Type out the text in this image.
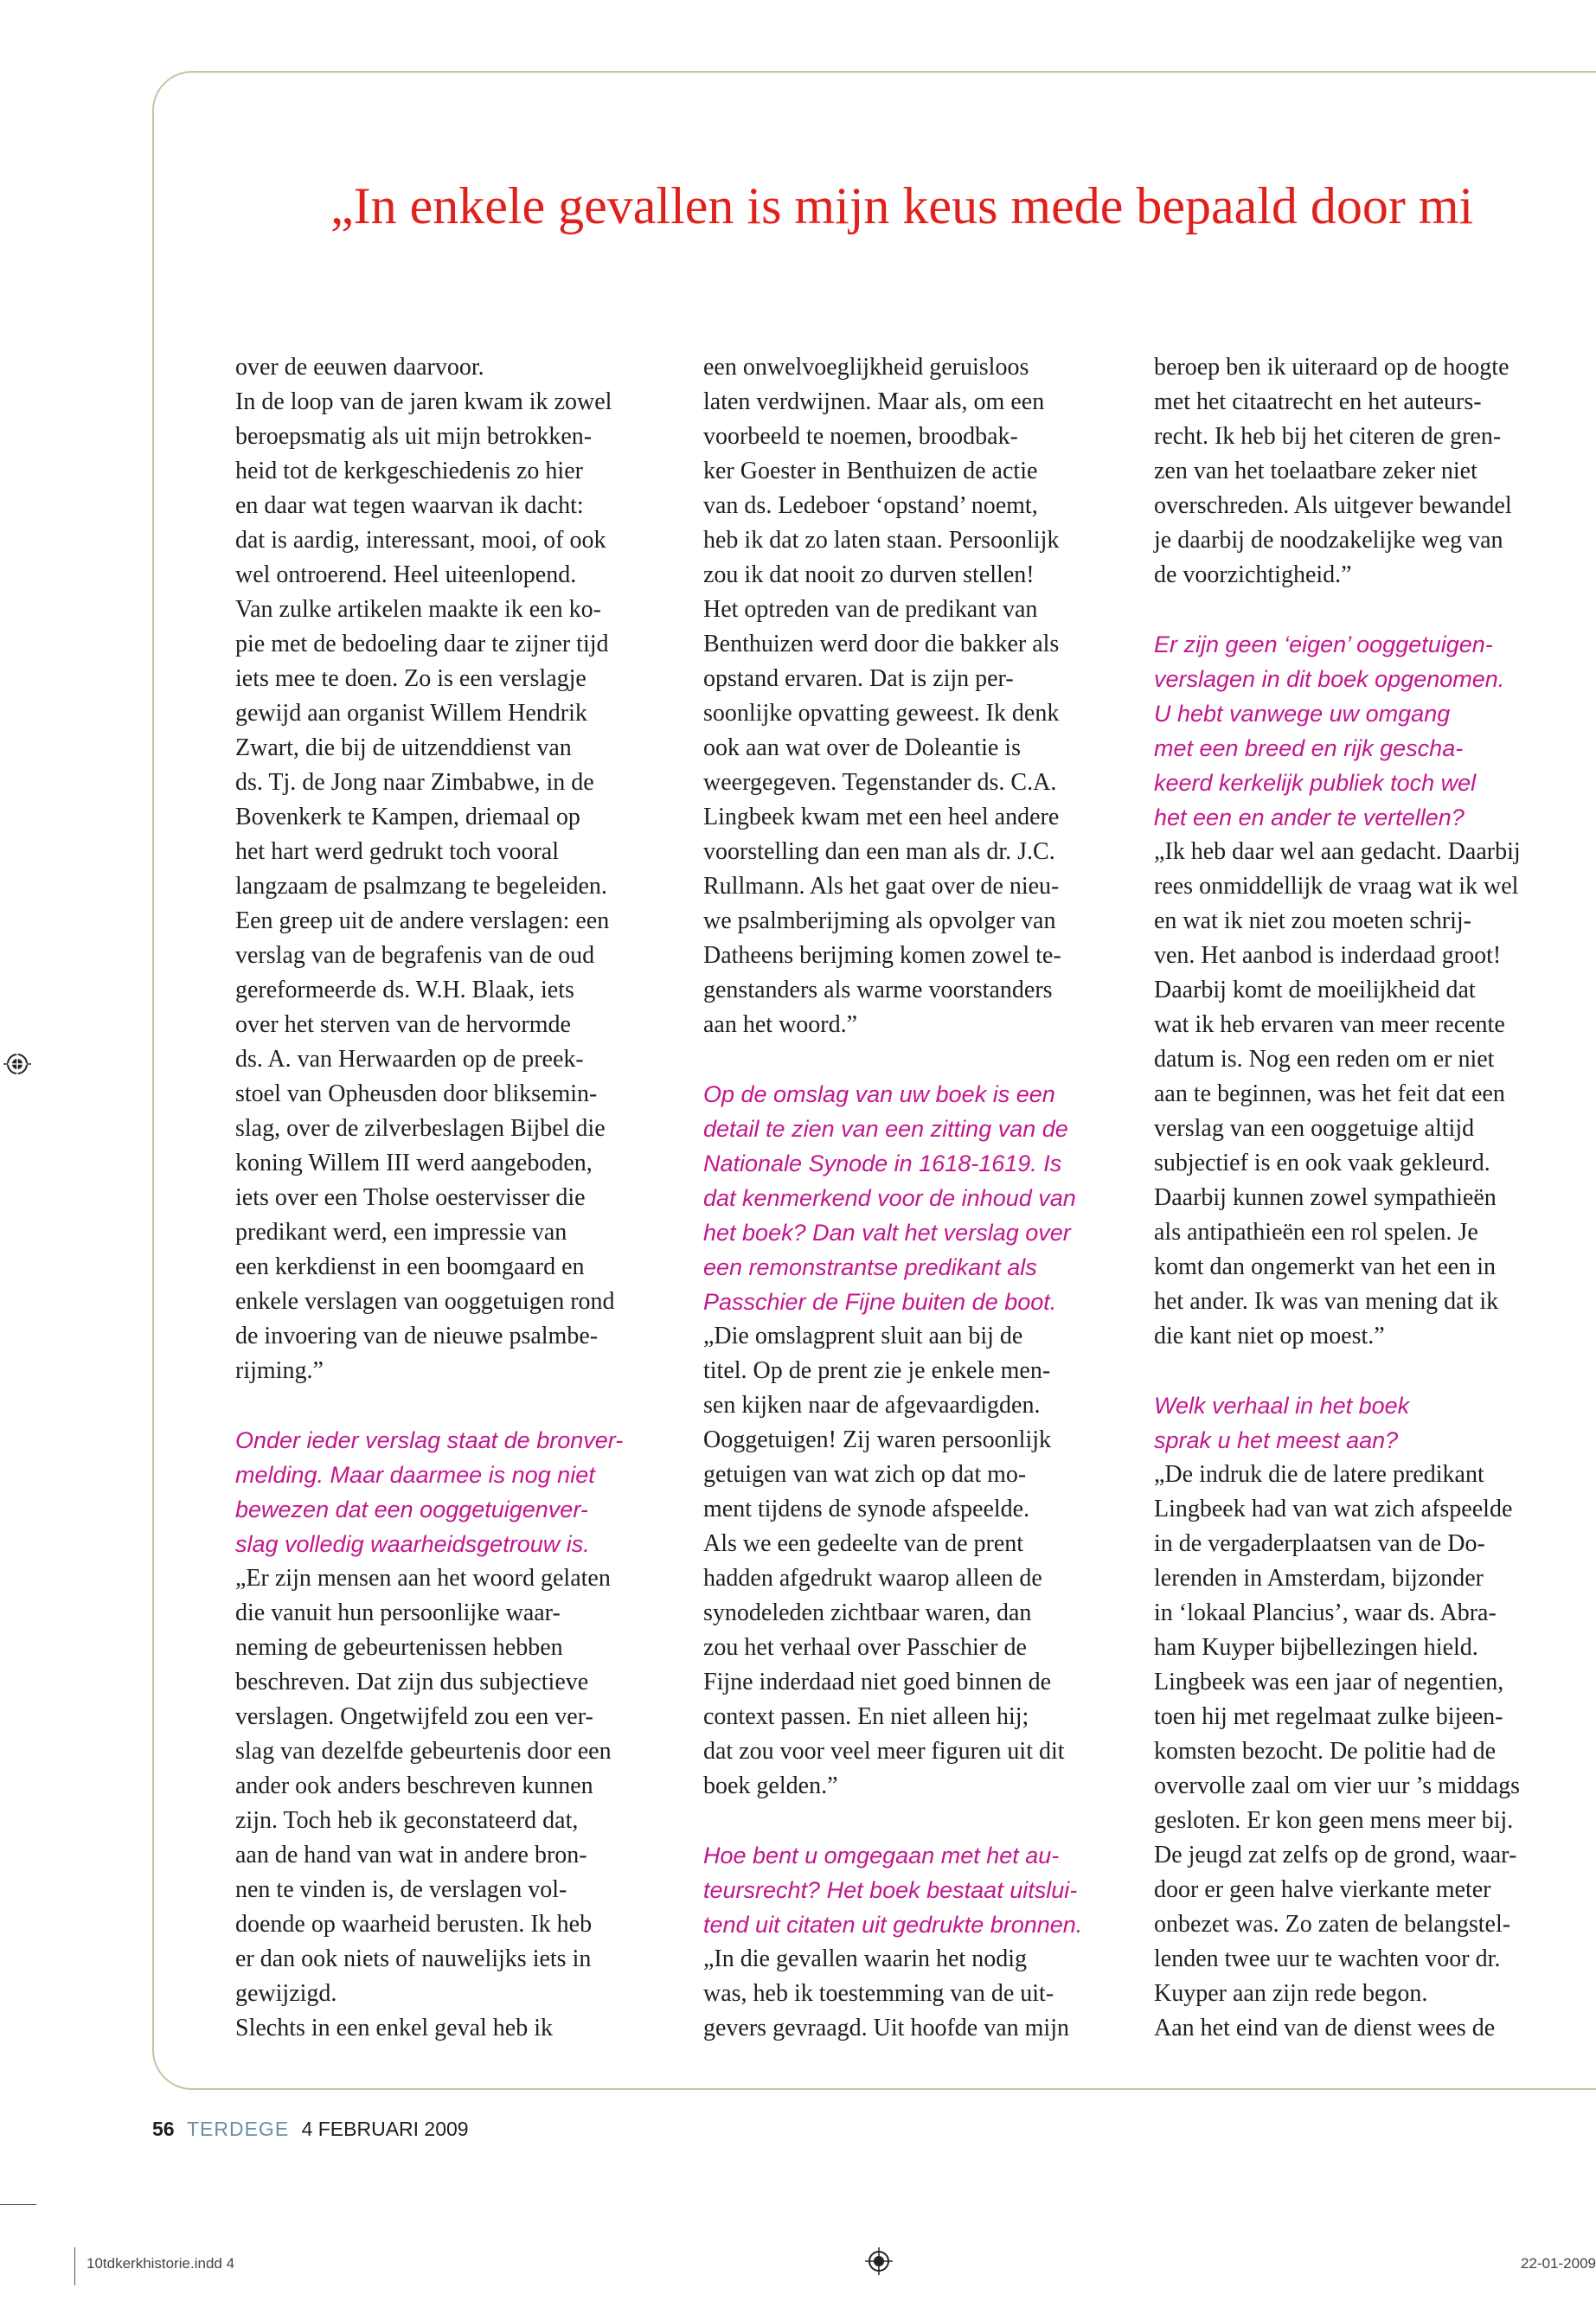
„In enkele gevallen is mijn keus mede bepaald door mi
over de eeuwen daarvoor.
In de loop van de jaren kwam ik zowel
beroepsmatig als uit mijn betrokken-
heid tot de kerkgeschiedenis zo hier
en daar wat tegen waarvan ik dacht:
dat is aardig, interessant, mooi, of ook
wel ontroerend. Heel uiteenlopend.
Van zulke artikelen maakte ik een ko-
pie met de bedoeling daar te zijner tijd
iets mee te doen. Zo is een verslagje
gewijd aan organist Willem Hendrik
Zwart, die bij de uitzenddienst van
ds. Tj. de Jong naar Zimbabwe, in de
Bovenkerk te Kampen, driemaal op
het hart werd gedrukt toch vooral
langzaam de psalmzang te begeleiden.
Een greep uit de andere verslagen: een
verslag van de begrafenis van de oud
gereformeerde ds. W.H. Blaak, iets
over het sterven van de hervormde
ds. A. van Herwaarden op de preek-
stoel van Opheusden door bliksemin-
slag, over de zilverbeslagen Bijbel die
koning Willem III werd aangeboden,
iets over een Tholse oestervisser die
predikant werd, een impressie van
een kerkdienst in een boomgaard en
enkele verslagen van ooggetuigen rond
de invoering van de nieuwe psalmbe-
rijming.”
Onder ieder verslag staat de bronver-
melding. Maar daarmee is nog niet
bewezen dat een ooggetuigenver-
slag volledig waarheidsgetrouw is.
„Er zijn mensen aan het woord gelaten
die vanuit hun persoonlijke waar-
neming de gebeurtenissen hebben
beschreven. Dat zijn dus subjectieve
verslagen. Ongetwijfeld zou een ver-
slag van dezelfde gebeurtenis door een
ander ook anders beschreven kunnen
zijn. Toch heb ik geconstateerd dat,
aan de hand van wat in andere bron-
nen te vinden is, de verslagen vol-
doende op waarheid berusten. Ik heb
er dan ook niets of nauwelijks iets in
gewijzigd.
Slechts in een enkel geval heb ik
een onwelvoeglijkheid geruisloos
laten verdwijnen. Maar als, om een
voorbeeld te noemen, broodbak-
ker Goester in Benthuizen de actie
van ds. Ledeboer ‘opstand’ noemt,
heb ik dat zo laten staan. Persoonlijk
zou ik dat nooit zo durven stellen!
Het optreden van de predikant van
Benthuizen werd door die bakker als
opstand ervaren. Dat is zijn per-
soonlijke opvatting geweest. Ik denk
ook aan wat over de Doleantie is
weergegeven. Tegenstander ds. C.A.
Lingbeek kwam met een heel andere
voorstelling dan een man als dr. J.C.
Rullmann. Als het gaat over de nieu-
we psalmberijming als opvolger van
Datheens berijming komen zowel te-
genstanders als warme voorstanders
aan het woord.”
Op de omslag van uw boek is een
detail te zien van een zitting van de
Nationale Synode in 1618-1619. Is
dat kenmerkend voor de inhoud van
het boek? Dan valt het verslag over
een remonstrantse predikant als
Passchier de Fijne buiten de boot.
„Die omslagprent sluit aan bij de
titel. Op de prent zie je enkele men-
sen kijken naar de afgevaardigden.
Ooggetuigen! Zij waren persoonlijk
getuigen van wat zich op dat mo-
ment tijdens de synode afspeelde.
Als we een gedeelte van de prent
hadden afgedrukt waarop alleen de
synodeleden zichtbaar waren, dan
zou het verhaal over Passchier de
Fijne inderdaad niet goed binnen de
context passen. En niet alleen hij;
dat zou voor veel meer figuren uit dit
boek gelden.”
Hoe bent u omgegaan met het au-
teursrecht? Het boek bestaat uitslui-
tend uit citaten uit gedrukte bronnen.
„In die gevallen waarin het nodig
was, heb ik toestemming van de uit-
gevers gevraagd. Uit hoofde van mijn
beroep ben ik uiteraard op de hoogte
met het citaatrecht en het auteurs-
recht. Ik heb bij het citeren de gren-
zen van het toelaatbare zeker niet
overschreden. Als uitgever bewandel
je daarbij de noodzakelijke weg van
de voorzichtigheid.”
Er zijn geen ‘eigen’ ooggetuigen-
verslagen in dit boek opgenomen.
U hebt vanwege uw omgang
met een breed en rijk gescha-
keerd kerkelijk publiek toch wel
het een en ander te vertellen?
„Ik heb daar wel aan gedacht. Daarbij
rees onmiddellijk de vraag wat ik wel
en wat ik niet zou moeten schrij-
ven. Het aanbod is inderdaad groot!
Daarbij komt de moeilijkheid dat
wat ik heb ervaren van meer recente
datum is. Nog een reden om er niet
aan te beginnen, was het feit dat een
verslag van een ooggetuige altijd
subjectief is en ook vaak gekleurd.
Daarbij kunnen zowel sympathieën
als antipathieën een rol spelen. Je
komt dan ongemerkt van het een in
het ander. Ik was van mening dat ik
die kant niet op moest.”
Welk verhaal in het boek
sprak u het meest aan?
„De indruk die de latere predikant
Lingbeek had van wat zich afspeelde
in de vergaderplaatsen van de Do-
lerenden in Amsterdam, bijzonder
in ‘lokaal Plancius’, waar ds. Abra-
ham Kuyper bijbellezingen hield.
Lingbeek was een jaar of negentien,
toen hij met regelmaat zulke bijeen-
komsten bezocht. De politie had de
overvolle zaal om vier uur ’s middags
gesloten. Er kon geen mens meer bij.
De jeugd zat zelfs op de grond, waar-
door er geen halve vierkante meter
onbezet was. Zo zaten de belangstel-
lenden twee uur te wachten voor dr.
Kuyper aan zijn rede begon.
Aan het eind van de dienst wees de
56 TERDEGE 4 FEBRUARI 2009
10tdkerkhistorie.indd 4	22-01-2009
